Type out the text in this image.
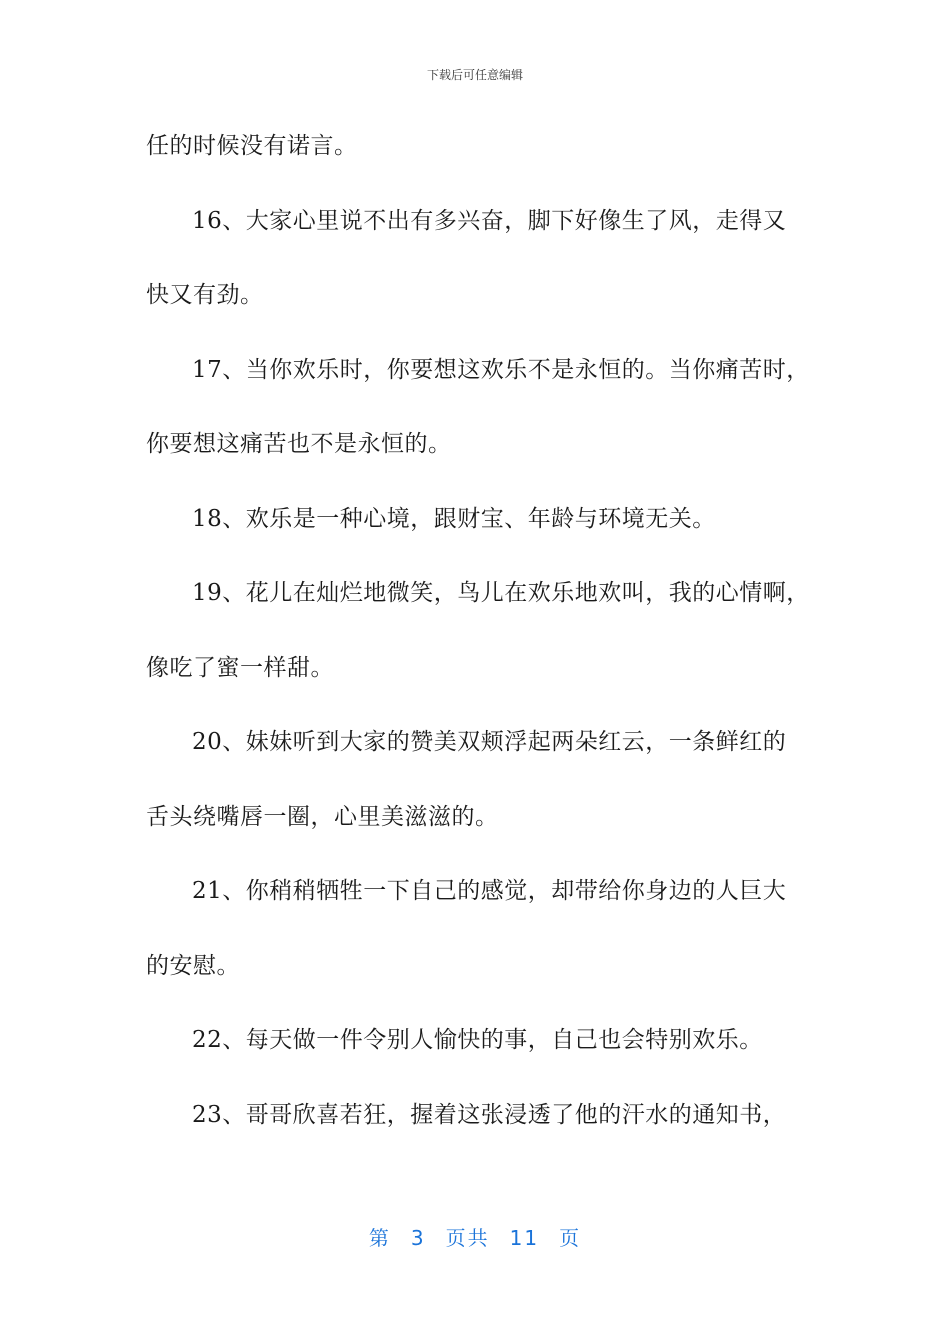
下载后可任意编辑

任的时候没有诺言。

16、大家心里说不出有多兴奋，脚下好像生了风，走得又

快又有劲。

17、当你欢乐时，你要想这欢乐不是永恒的。当你痛苦时，

你要想这痛苦也不是永恒的。

18、欢乐是一种心境，跟财宝、年龄与环境无关。

19、花儿在灿烂地微笑，鸟儿在欢乐地欢叫，我的心情啊，

像吃了蜜一样甜。

20、妹妹听到大家的赞美双颊浮起两朵红云，一条鲜红的

舌头绕嘴唇一圈，心里美滋滋的。

21、你稍稍牺牲一下自己的感觉，却带给你身边的人巨大

的安慰。

22、每天做一件令别人愉快的事，自己也会特别欢乐。

23、哥哥欣喜若狂，握着这张浸透了他的汗水的通知书，

第 3 页共 11 页
